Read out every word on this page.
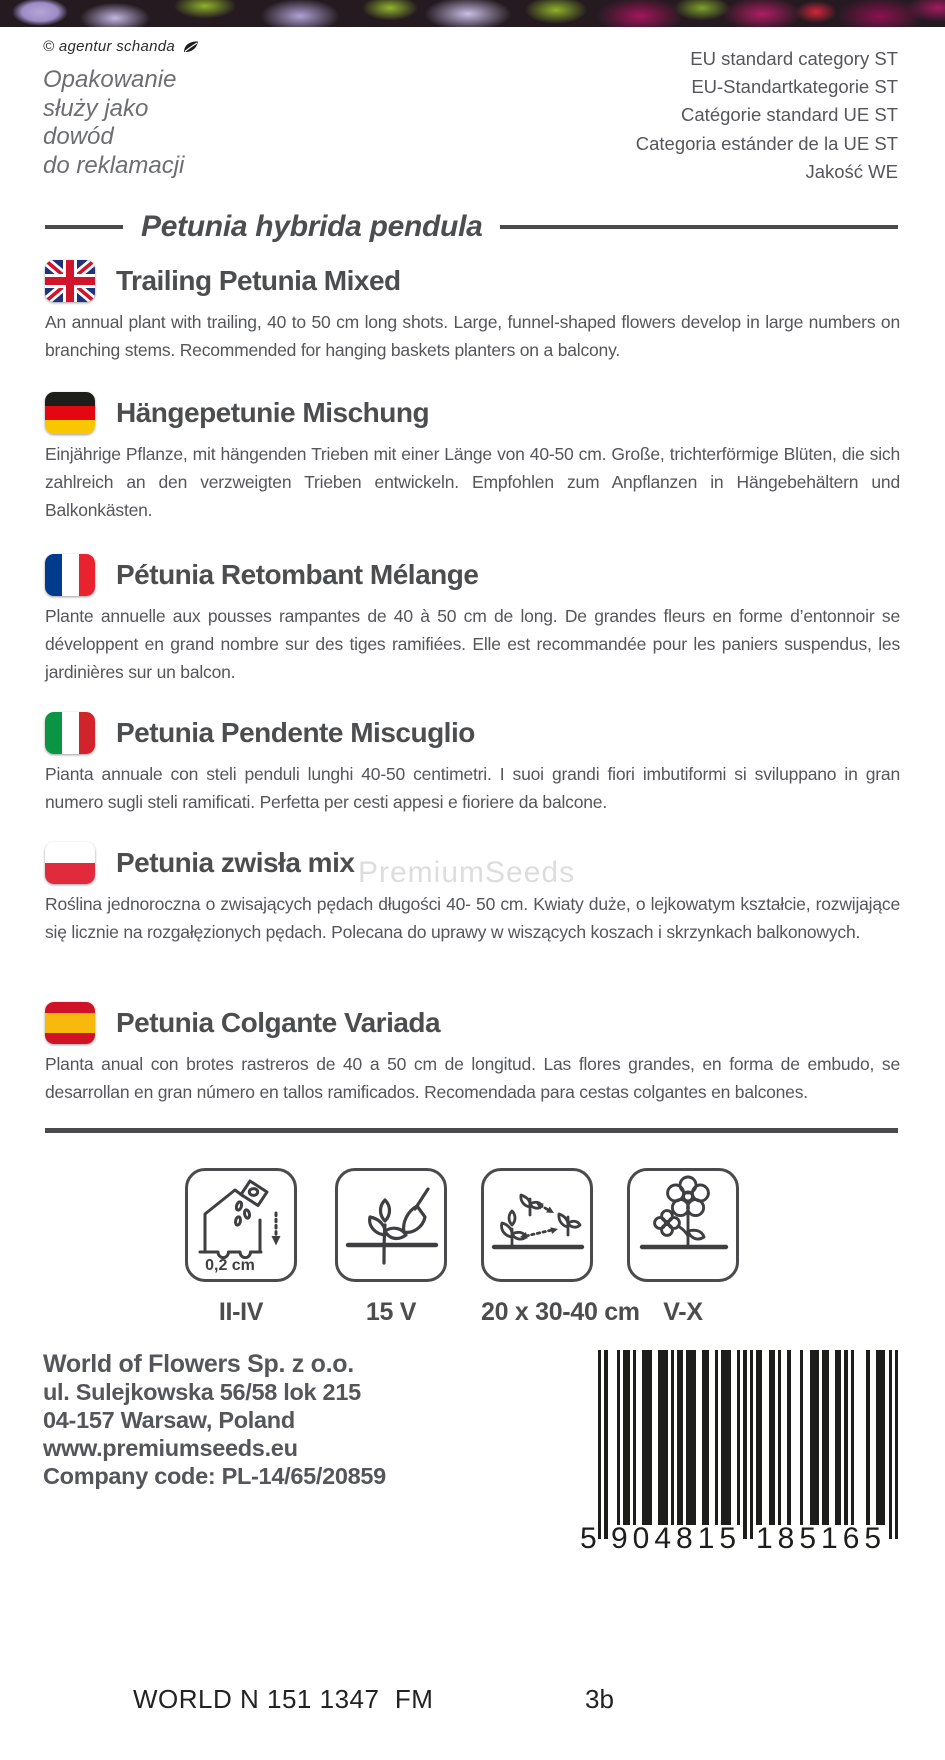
© agentur schanda
Opakowanie
służy jako
dowód
do reklamacji
EU standard category ST
EU-Standartkategorie ST
Catégorie standard UE ST
Categoria estánder de la UE ST
Jakość WE
Petunia hybrida pendula
PremiumSeeds
Trailing Petunia Mixed

An annual plant with trailing, 40 to 50 cm long shots. Large, funnel-shaped flowers develop in large numbers on branching stems. Recommended for hanging baskets planters on a balcony.

Hängepetunie Mischung

Einjährige Pflanze, mit hängenden Trieben mit einer Länge von 40-50 cm. Große, trichterförmige Blüten, die sich zahlreich an den verzweigten Trieben entwickeln. Empfohlen zum Anpflanzen in Hängebehältern und Balkonkästen.

Pétunia Retombant Mélange

Plante annuelle aux pousses rampantes de 40 à 50 cm de long. De grandes fleurs en forme d’entonnoir se développent en grand nombre sur des tiges ramifiées. Elle est recommandée pour les paniers suspendus, les jardinières sur un balcon.

Petunia Pendente Miscuglio

Pianta annuale con steli penduli lunghi 40-50 centimetri. I suoi grandi fiori imbutiformi si sviluppano in gran numero sugli steli ramificati. Perfetta per cesti appesi e fioriere da balcone.

Petunia zwisła mix

Roślina jednoroczna o zwisających pędach długości 40- 50 cm. Kwiaty duże, o lejkowatym kształcie, rozwijające się licznie na rozgałęzionych pędach. Polecana do uprawy w wiszących koszach i skrzynkach balkonowych.

Petunia Colgante Variada

Planta anual con brotes rastreros de 40 a 50 cm de longitud. Las flores grandes, en forma de embudo, se desarrollan en gran número en tallos ramificados. Recomendada para cestas colgantes en balcones.

0,2 cm
II-IV	15 V	20 x 30-40 cm V-X
World of Flowers Sp. z o.o.
ul. Sulejkowska 56/58 lok 215
04-157 Warsaw, Poland
www.premiumseeds.eu
Company code: PL-14/65/20859
5 904815 185165
WORLD N 151 1347  FM	3b
